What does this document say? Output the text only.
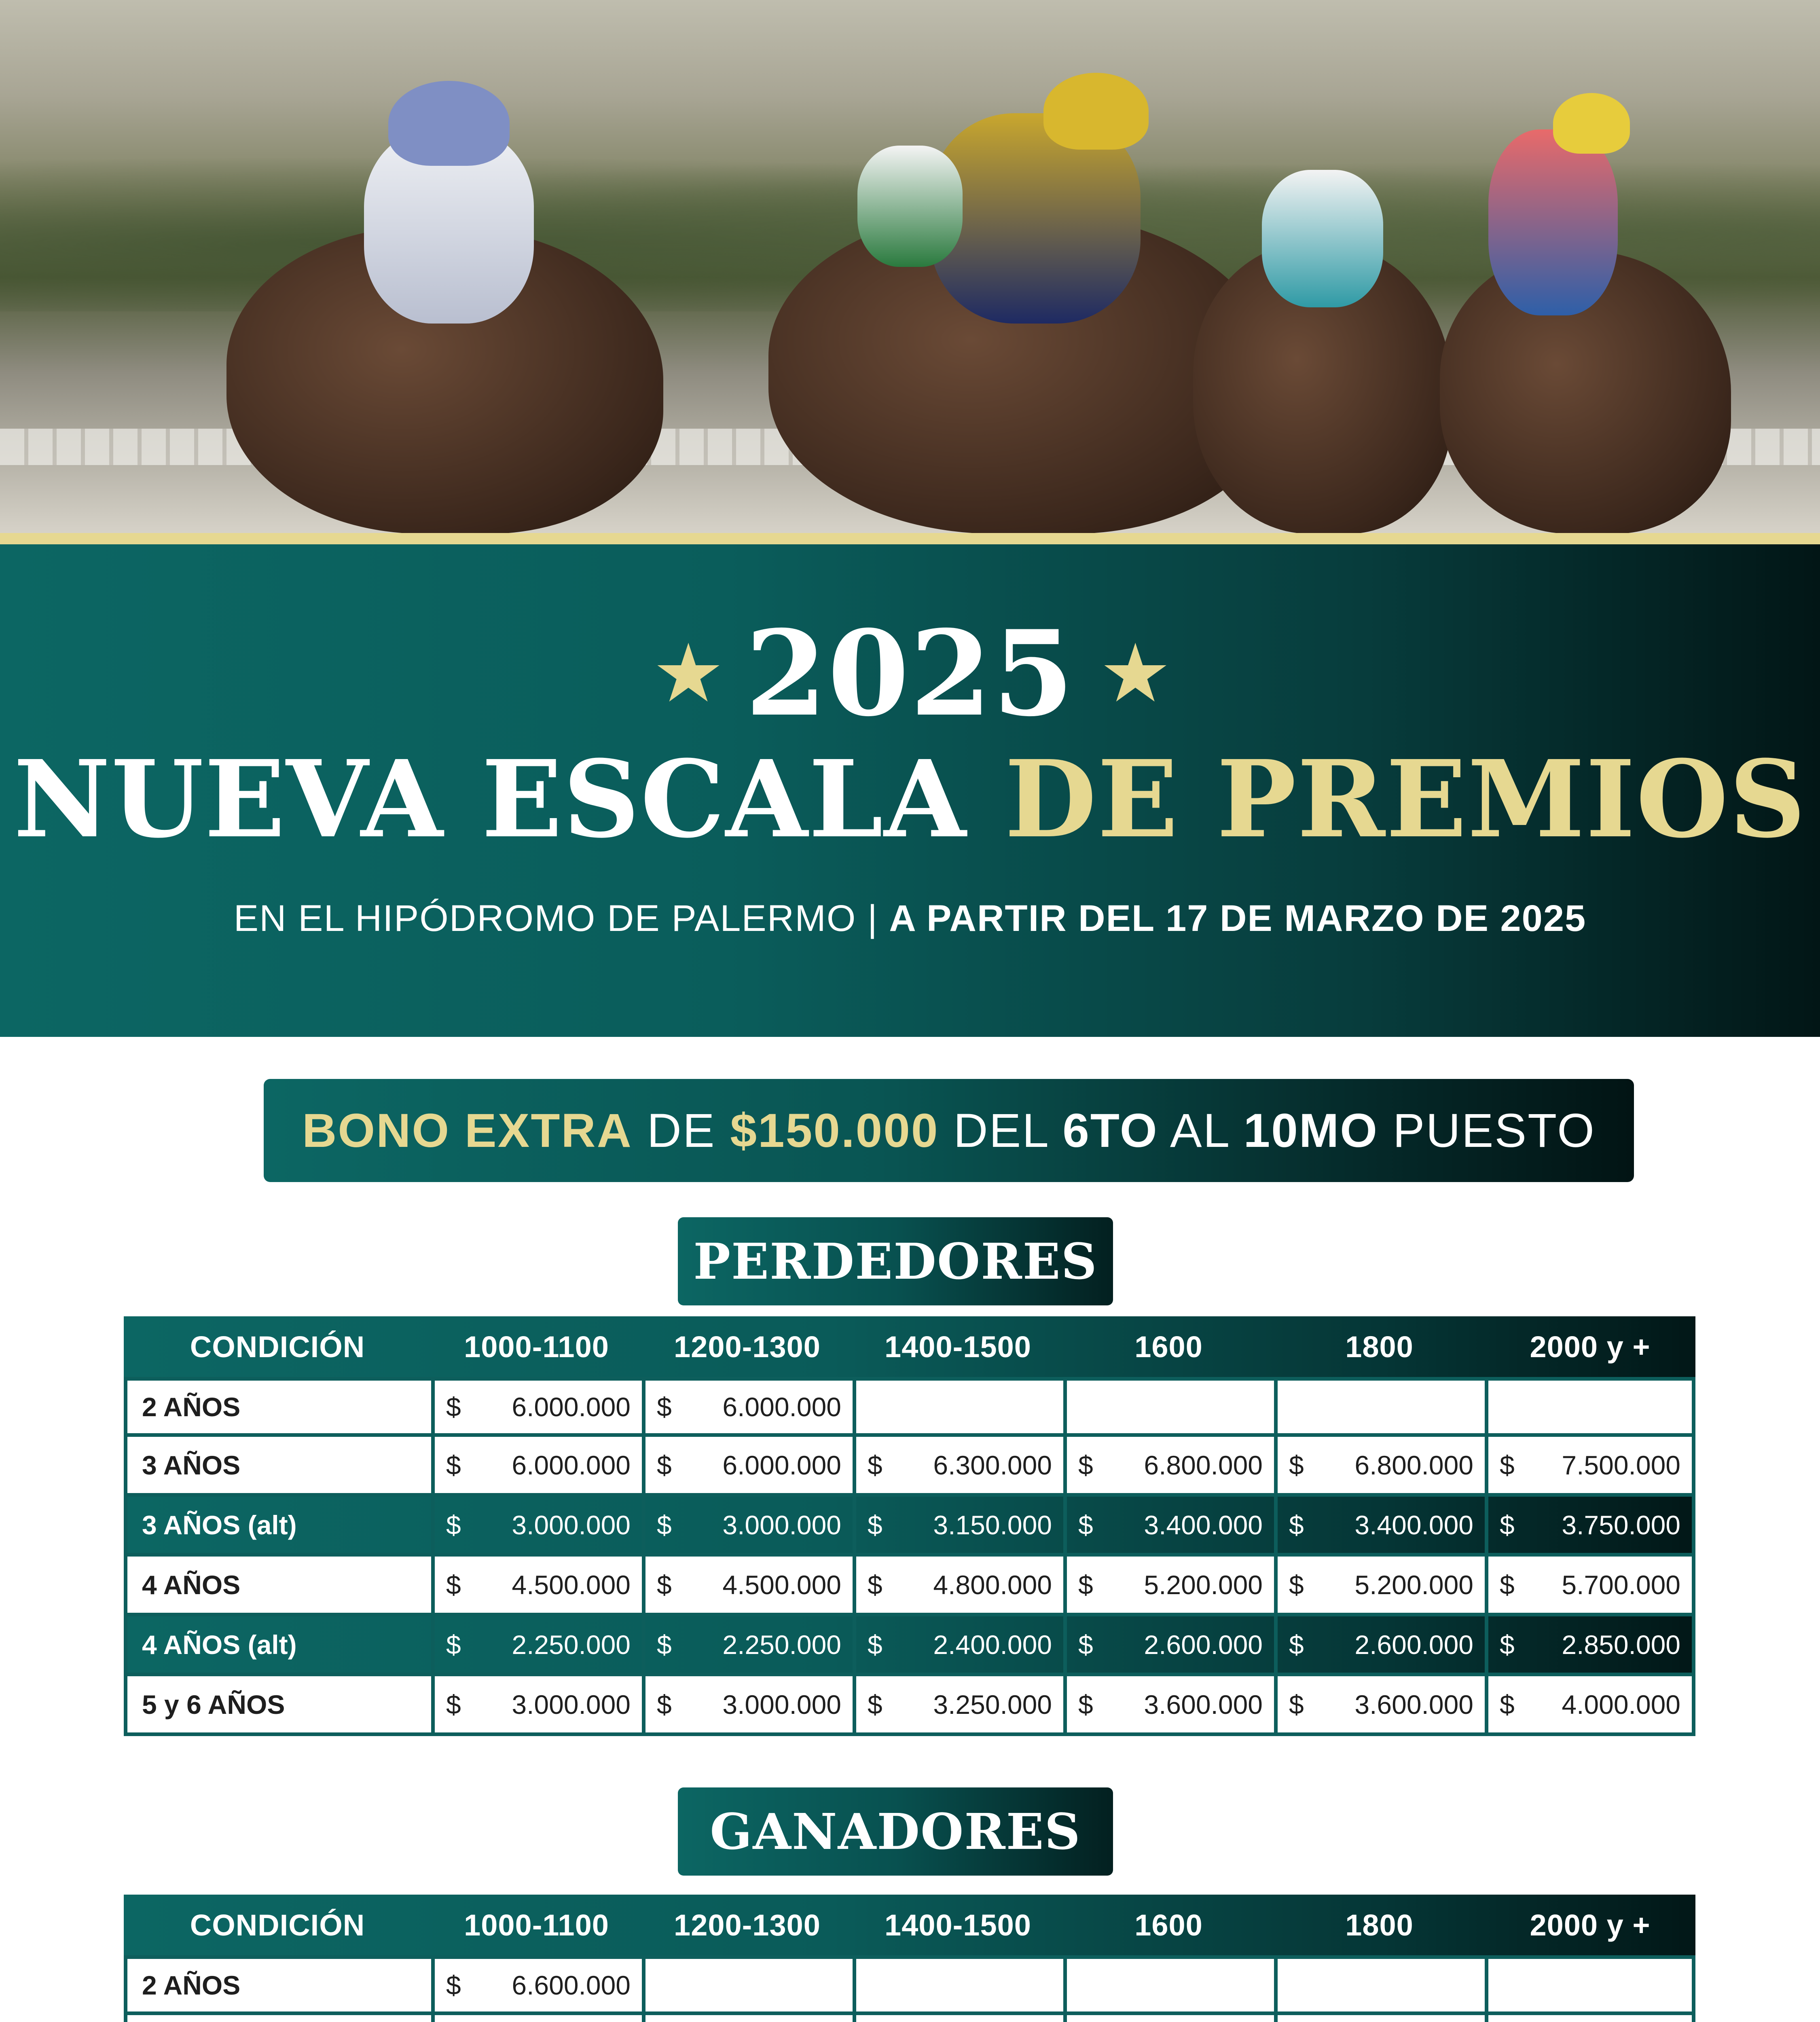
★ 2025 ★
NUEVA ESCALA DE PREMIOS
EN EL HIPÓDROMO DE PALERMO | A PARTIR DEL 17 DE MARZO DE 2025
BONO EXTRA DE $150.000 DEL 6TO AL 10MO PUESTO
PERDEDORES
CONDICIÓN	1000-1100	1200-1300	1400-1500	1600	1800	2000 y +
2 AÑOS	$ 6.000.000	$ 6.000.000				

3 AÑOS	$ 6.000.000	$ 6.000.000	$ 6.300.000	$ 6.800.000	$ 6.800.000	$ 7.500.000

3 AÑOS (alt)	$ 3.000.000	$ 3.000.000	$ 3.150.000	$ 3.400.000	$ 3.400.000	$ 3.750.000

4 AÑOS	$ 4.500.000	$ 4.500.000	$ 4.800.000	$ 5.200.000	$ 5.200.000	$ 5.700.000

4 AÑOS (alt)	$ 2.250.000	$ 2.250.000	$ 2.400.000	$ 2.600.000	$ 2.600.000	$ 2.850.000

5 y 6 AÑOS	$ 3.000.000	$ 3.000.000	$ 3.250.000	$ 3.600.000	$ 3.600.000	$ 4.000.000
GANADORES
CONDICIÓN	1000-1100	1200-1300	1400-1500	1600	1800	2000 y +
2 AÑOS	$ 6.600.000					
